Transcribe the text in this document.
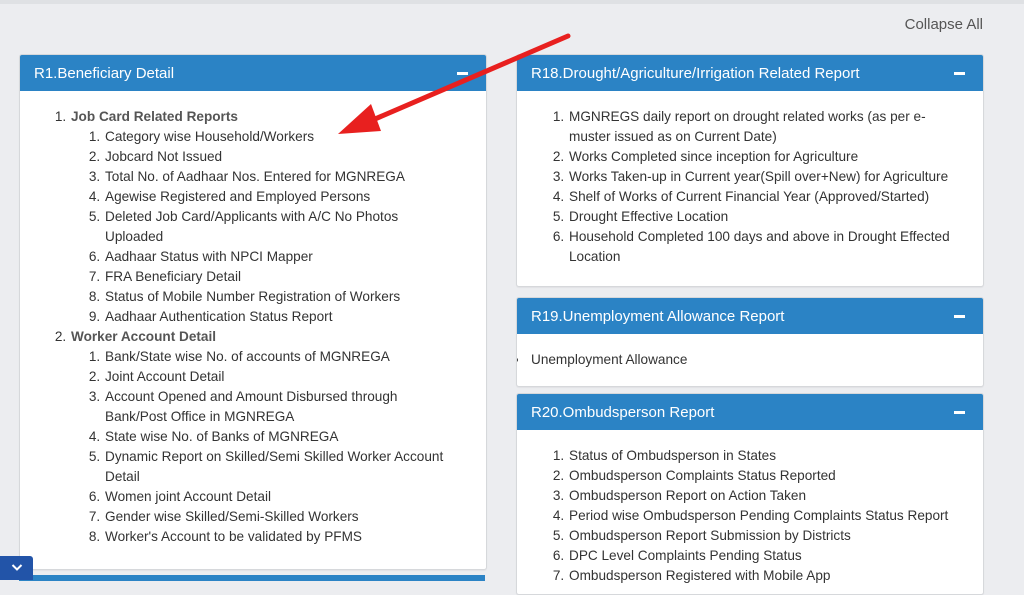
Collapse All
R1.Beneficiary Detail
1. Job Card Related Reports
1. Category wise Household/Workers
2. Jobcard Not Issued
3. Total No. of Aadhaar Nos. Entered for MGNREGA
4. Agewise Registered and Employed Persons
5. Deleted Job Card/Applicants with A/C No Photos Uploaded
6. Aadhaar Status with NPCI Mapper
7. FRA Beneficiary Detail
8. Status of Mobile Number Registration of Workers
9. Aadhaar Authentication Status Report
2. Worker Account Detail
1. Bank/State wise No. of accounts of MGNREGA
2. Joint Account Detail
3. Account Opened and Amount Disbursed through Bank/Post Office in MGNREGA
4. State wise No. of Banks of MGNREGA
5. Dynamic Report on Skilled/Semi Skilled Worker Account Detail
6. Women joint Account Detail
7. Gender wise Skilled/Semi-Skilled Workers
8. Worker's Account to be validated by PFMS
R18.Drought/Agriculture/Irrigation Related Report
1. MGNREGS daily report on drought related works (as per e-muster issued as on Current Date)
2. Works Completed since inception for Agriculture
3. Works Taken-up in Current year(Spill over+New) for Agriculture
4. Shelf of Works of Current Financial Year (Approved/Started)
5. Drought Effective Location
6. Household Completed 100 days and above in Drought Effected Location
R19.Unemployment Allowance Report
• Unemployment Allowance
R20.Ombudsperson Report
1. Status of Ombudsperson in States
2. Ombudsperson Complaints Status Reported
3. Ombudsperson Report on Action Taken
4. Period wise Ombudsperson Pending Complaints Status Report
5. Ombudsperson Report Submission by Districts
6. DPC Level Complaints Pending Status
7. Ombudsperson Registered with Mobile App
